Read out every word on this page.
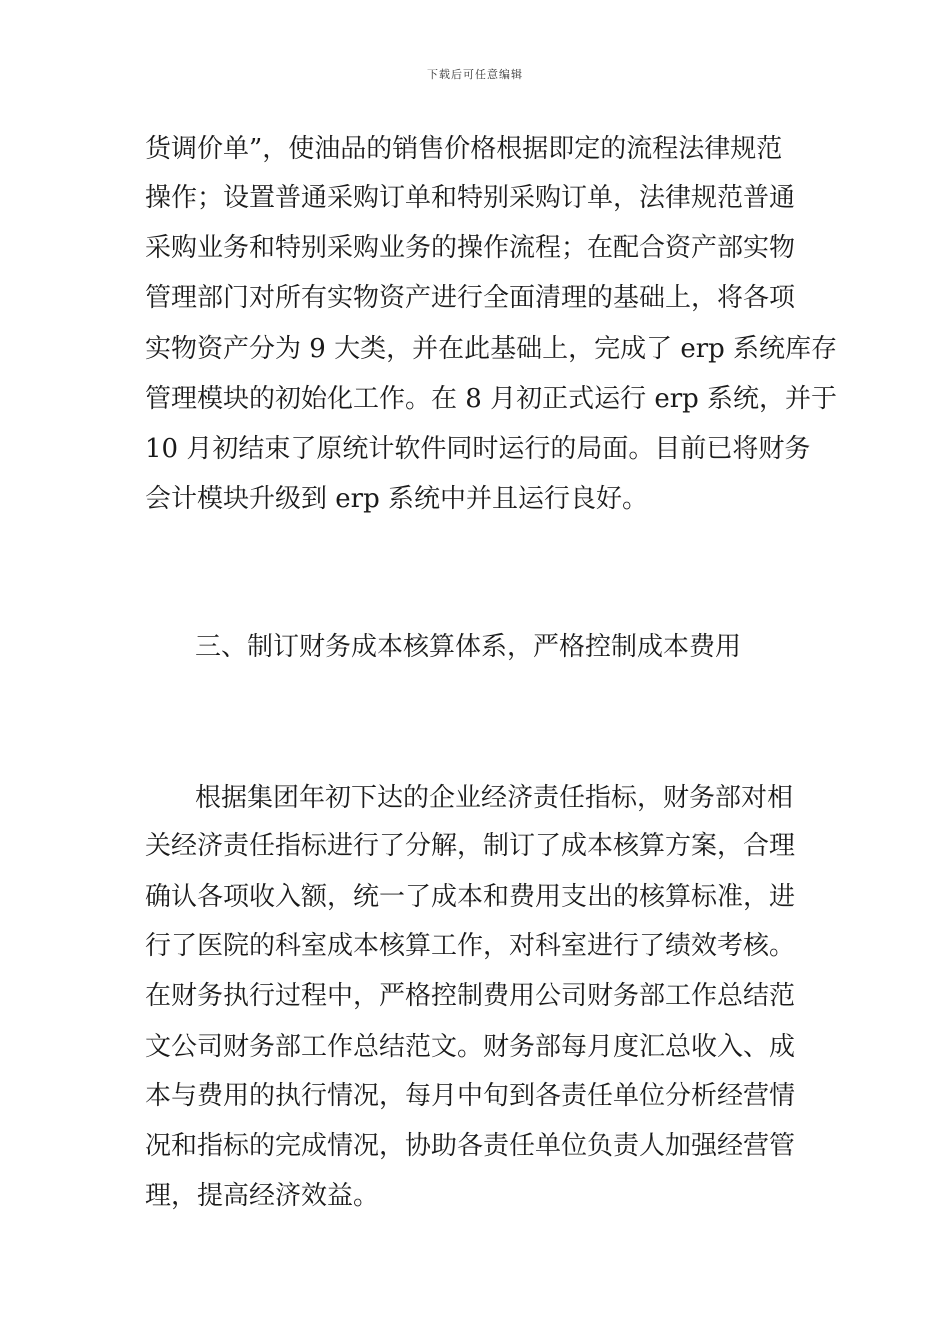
下载后可任意编辑
货调价单”，使油品的销售价格根据即定的流程法律规范
操作；设置普通采购订单和特别采购订单，法律规范普通
采购业务和特别采购业务的操作流程；在配合资产部实物
管理部门对所有实物资产进行全面清理的基础上，将各项
实物资产分为 9 大类，并在此基础上，完成了 erp 系统库存
管理模块的初始化工作。在 8 月初正式运行 erp 系统，并于
10 月初结束了原统计软件同时运行的局面。目前已将财务
会计模块升级到 erp 系统中并且运行良好。
三、制订财务成本核算体系，严格控制成本费用
根据集团年初下达的企业经济责任指标，财务部对相
关经济责任指标进行了分解，制订了成本核算方案，合理
确认各项收入额，统一了成本和费用支出的核算标准，进
行了医院的科室成本核算工作，对科室进行了绩效考核。
在财务执行过程中，严格控制费用公司财务部工作总结范
文公司财务部工作总结范文。财务部每月度汇总收入、成
本与费用的执行情况，每月中旬到各责任单位分析经营情
况和指标的完成情况，协助各责任单位负责人加强经营管
理，提高经济效益。
